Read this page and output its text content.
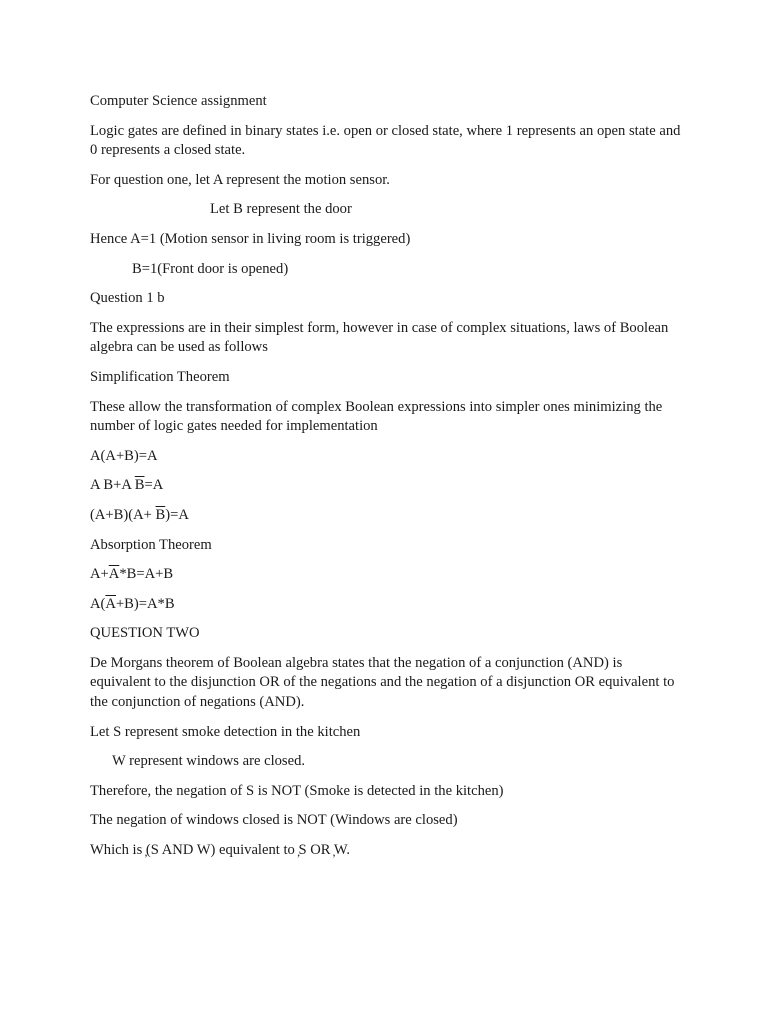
Computer Science assignment

Logic gates are defined in binary states i.e. open or closed state, where 1 represents an open state and 0 represents a closed state.

For question one, let A represent the motion sensor.

Let B represent the door

Hence A=1 (Motion sensor in living room is triggered)

B=1(Front door is opened)

Question 1 b

The expressions are in their simplest form, however in case of complex situations, laws of Boolean algebra can be used as follows

Simplification Theorem

These allow the transformation of complex Boolean expressions into simpler ones minimizing the number of logic gates needed for implementation

A(A+B)=A

A B+A $\overline{B}=A$

$(A+B)(A+ \overline{B})=A$

Absorption Theorem

$A+\overline{A}*B=A+B$

$A(\overline{A}+B)=A*B$

QUESTION TWO

De Morgans theorem of Boolean algebra states that the negation of a conjunction (AND) is equivalent to the disjunction OR of the negations and the negation of a disjunction OR equivalent to the conjunction of negations (AND).

Let S represent smoke detection in the kitchen

W represent windows are closed.

Therefore, the negation of S is NOT (Smoke is detected in the kitchen)

The negation of windows closed is NOT (Windows are closed)

Which is ̦(S AND W) equivalent to ̦S OR ̦W.
